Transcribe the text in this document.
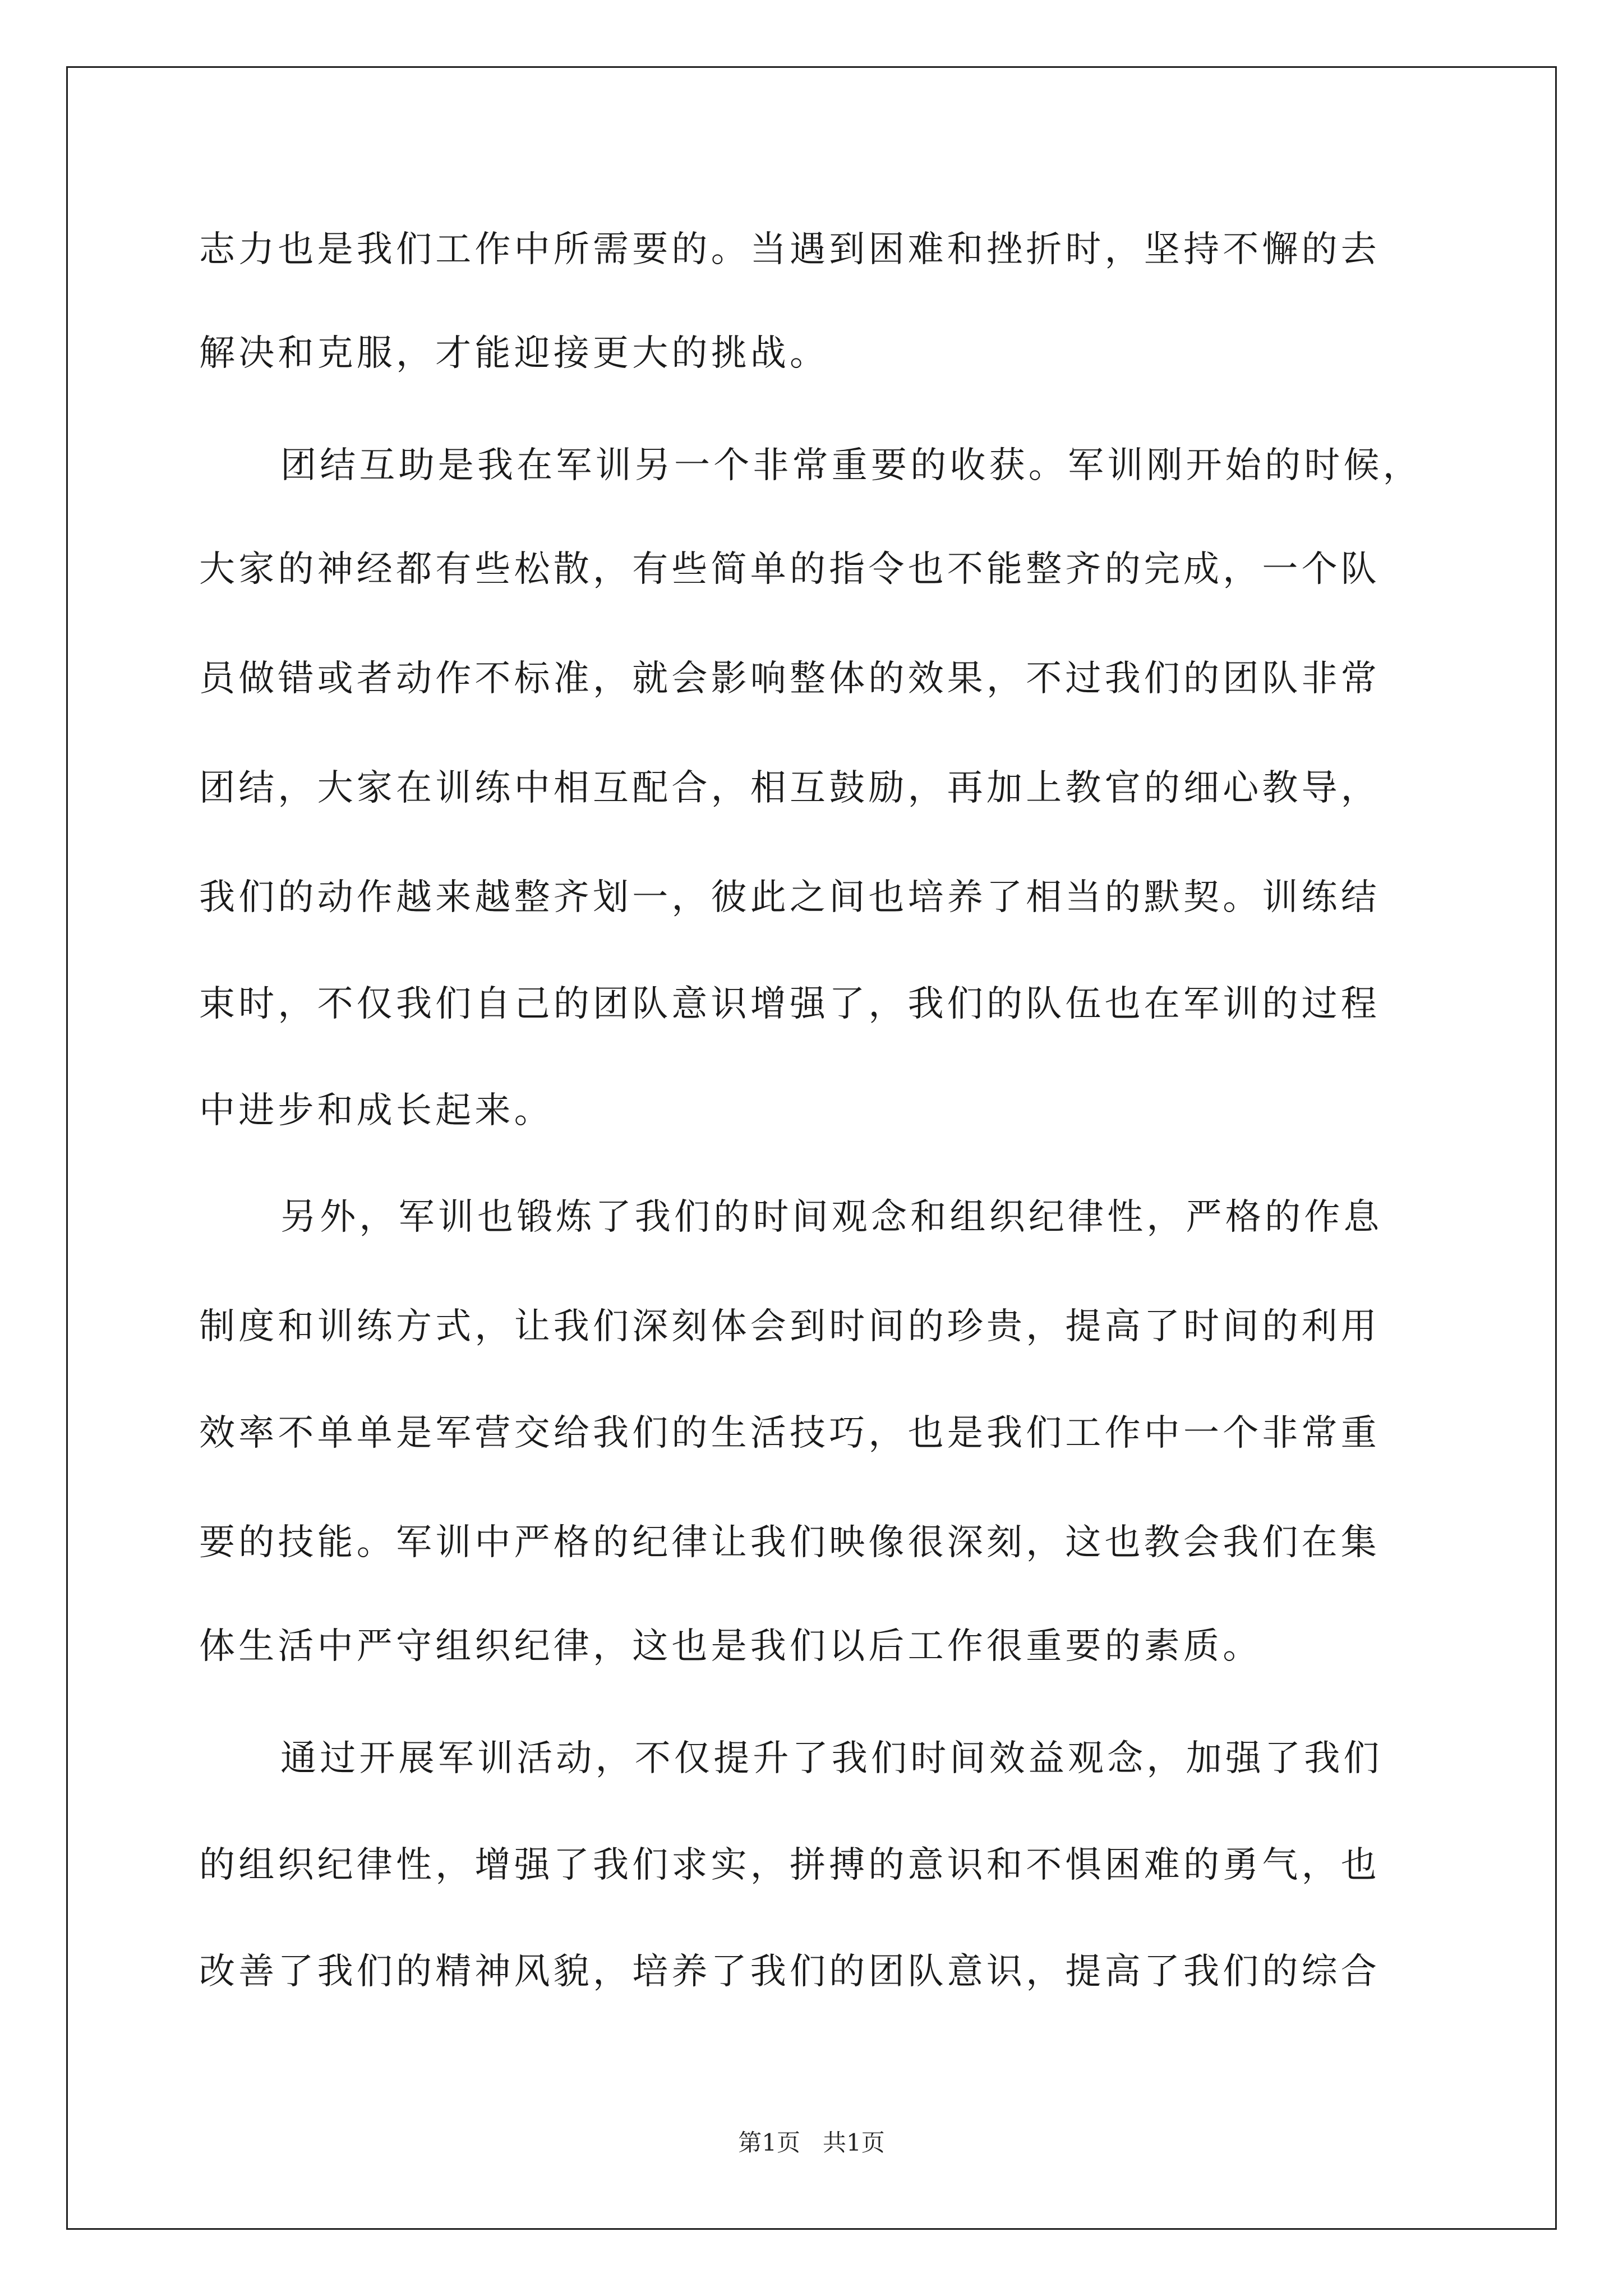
志力也是我们工作中所需要的。当遇到困难和挫折时，坚持不懈的去

解决和克服，才能迎接更大的挑战。

团结互助是我在军训另一个非常重要的收获。军训刚开始的时候，

大家的神经都有些松散，有些简单的指令也不能整齐的完成，一个队

员做错或者动作不标准，就会影响整体的效果，不过我们的团队非常

团结，大家在训练中相互配合，相互鼓励，再加上教官的细心教导，

我们的动作越来越整齐划一，彼此之间也培养了相当的默契。训练结

束时，不仅我们自己的团队意识增强了，我们的队伍也在军训的过程

中进步和成长起来。

另外，军训也锻炼了我们的时间观念和组织纪律性，严格的作息

制度和训练方式，让我们深刻体会到时间的珍贵，提高了时间的利用

效率不单单是军营交给我们的生活技巧，也是我们工作中一个非常重

要的技能。军训中严格的纪律让我们映像很深刻，这也教会我们在集

体生活中严守组织纪律，这也是我们以后工作很重要的素质。

通过开展军训活动，不仅提升了我们时间效益观念，加强了我们

的组织纪律性，增强了我们求实，拼搏的意识和不惧困难的勇气，也

改善了我们的精神风貌，培养了我们的团队意识，提高了我们的综合

第1页   共1页
